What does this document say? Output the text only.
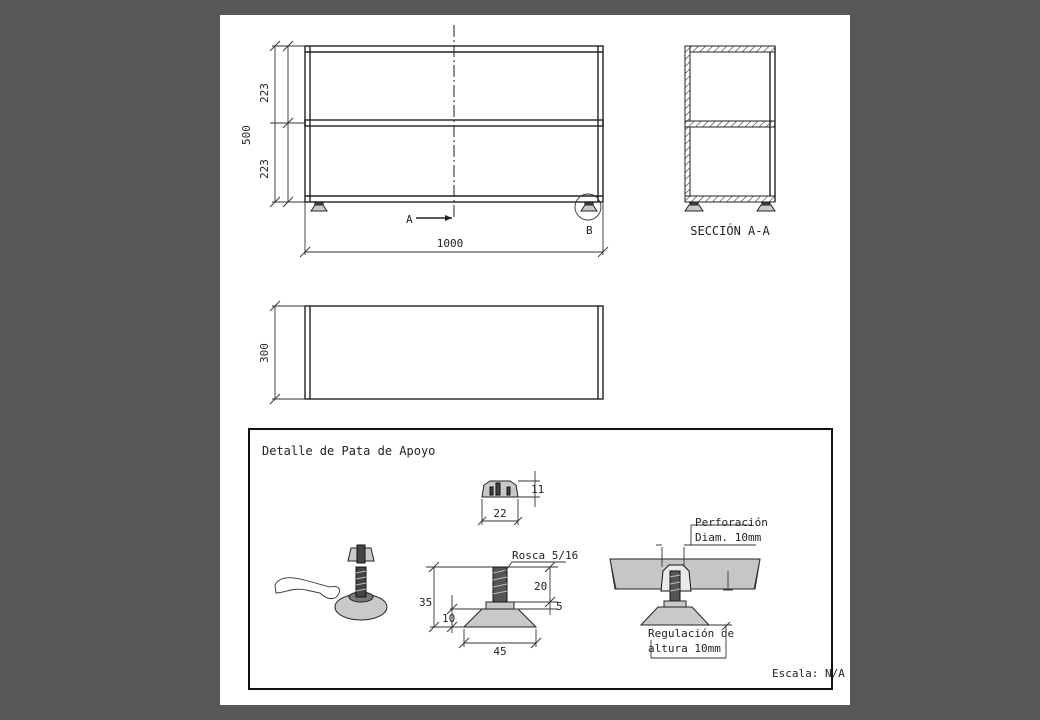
B
A
500
223
223
1000
SECCIÓN A-A
300
Detalle de Pata de Apoyo
11
22
Rosca 5/16
35
10
20
5
45
Perforación
Diam. 10mm
Regulación de
altura 10mm
Escala: N/A
